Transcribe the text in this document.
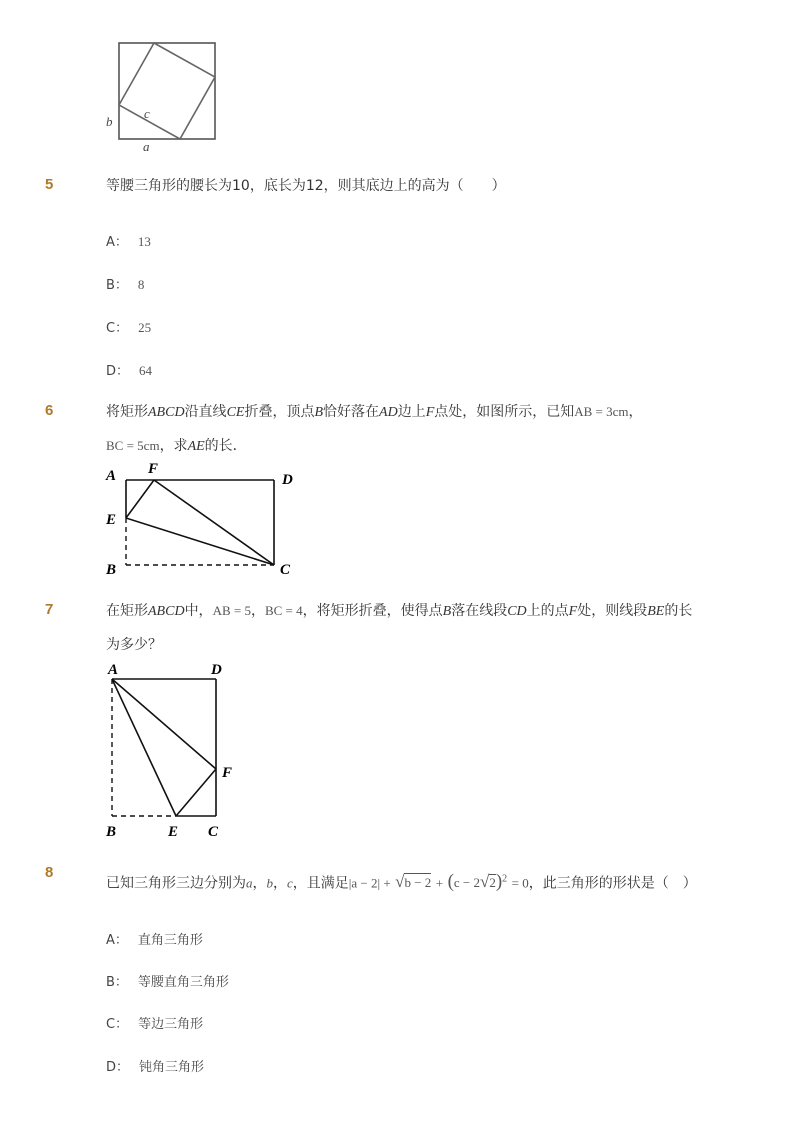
b
c
a
5	等腰三角形的腰长为10，底长为12，则其底边上的高为（　　）
A： 13
B： 8
C： 25
D： 64
6	将矩形ABCD沿直线CE折叠，顶点B恰好落在AD边上F点处，如图所示，已知AB = 3cm，
BC = 5cm，求AE的长．
A F
D
E
B	C
7	在矩形ABCD中，AB = 5，BC = 4，将矩形折叠，使得点B落在线段CD上的点F处，则线段BE的长
为多少？
A	D
F
B	E C
8
已知三角形三边分别为a，b，c，且满足$|a - 2| + √b - 2 + (c - 2√2)^2 = 0$，此三角形的形状是（　）
A： 直角三角形
B： 等腰直角三角形
C： 等边三角形
D： 钝角三角形
